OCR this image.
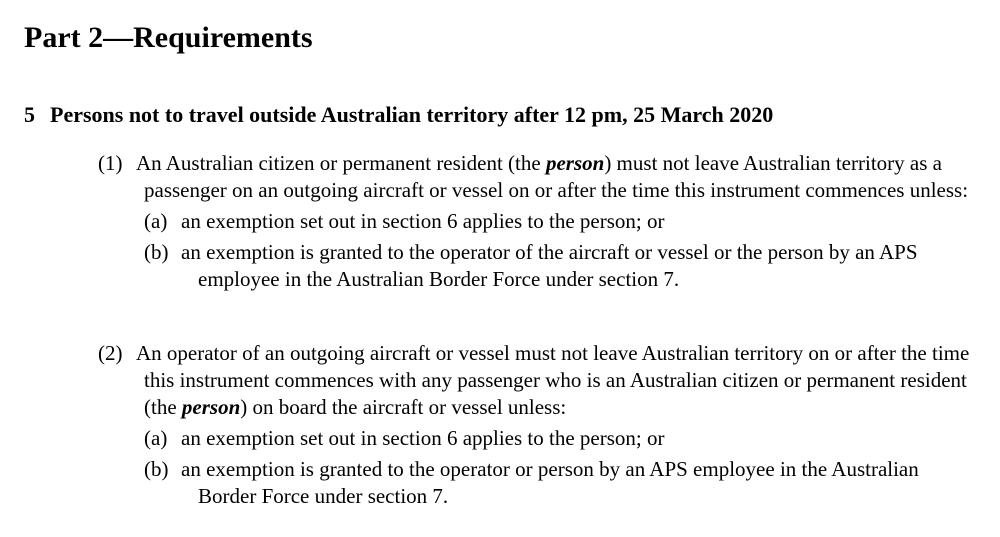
Part 2—Requirements
5 Persons not to travel outside Australian territory after 12 pm, 25 March 2020
(1) An Australian citizen or permanent resident (the person) must not leave Australian territory as a passenger on an outgoing aircraft or vessel on or after the time this instrument commences unless:
(a) an exemption set out in section 6 applies to the person; or
(b) an exemption is granted to the operator of the aircraft or vessel or the person by an APS employee in the Australian Border Force under section 7.
(2) An operator of an outgoing aircraft or vessel must not leave Australian territory on or after the time this instrument commences with any passenger who is an Australian citizen or permanent resident (the person) on board the aircraft or vessel unless:
(a) an exemption set out in section 6 applies to the person; or
(b) an exemption is granted to the operator or person by an APS employee in the Australian Border Force under section 7.
